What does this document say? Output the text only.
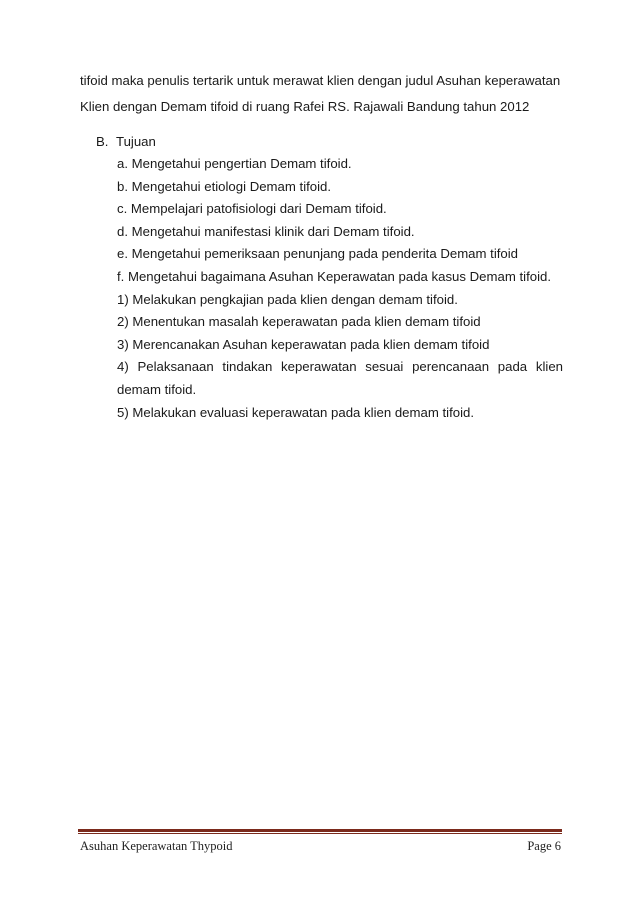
tifoid maka penulis tertarik untuk merawat klien dengan judul Asuhan keperawatan
Klien dengan Demam tifoid di ruang Rafei RS. Rajawali Bandung tahun 2012
B. Tujuan
a. Mengetahui pengertian Demam tifoid.
b. Mengetahui etiologi Demam tifoid.
c. Mempelajari patofisiologi dari Demam tifoid.
d. Mengetahui manifestasi klinik dari Demam tifoid.
e. Mengetahui pemeriksaan penunjang pada penderita Demam tifoid
f. Mengetahui bagaimana Asuhan Keperawatan pada kasus Demam tifoid.
1) Melakukan pengkajian pada klien dengan demam tifoid.
2) Menentukan masalah keperawatan pada klien demam tifoid
3) Merencanakan Asuhan keperawatan pada klien demam tifoid
4) Pelaksanaan tindakan keperawatan sesuai perencanaan pada klien
demam tifoid.
5) Melakukan evaluasi keperawatan pada klien demam tifoid.
Asuhan Keperawatan Thypoid	Page 6
